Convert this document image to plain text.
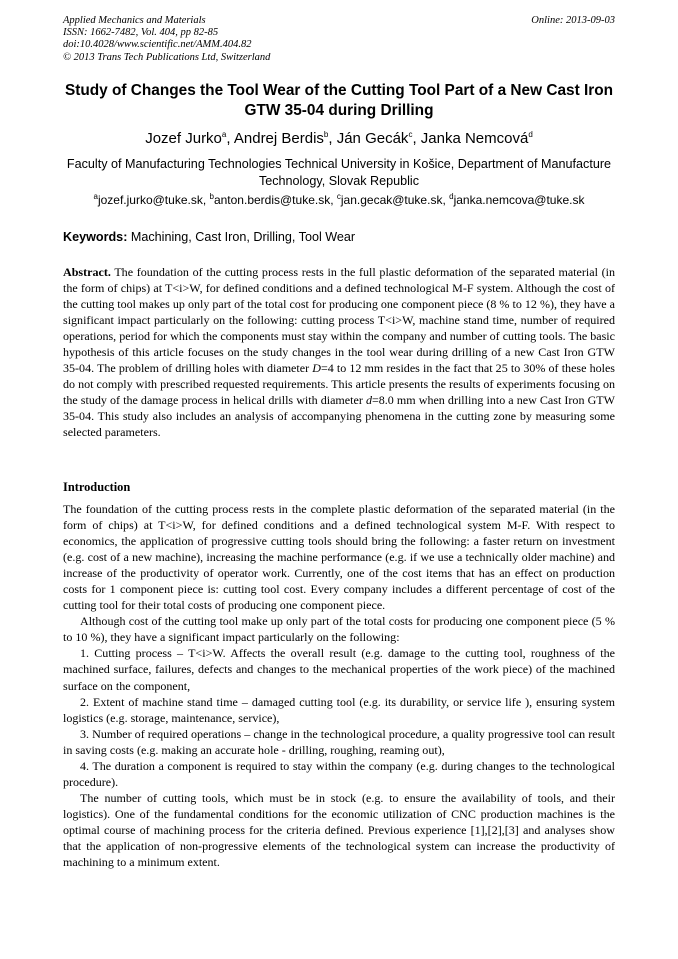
Applied Mechanics and Materials
ISSN: 1662-7482, Vol. 404, pp 82-85
doi:10.4028/www.scientific.net/AMM.404.82
© 2013 Trans Tech Publications Ltd, Switzerland
Online: 2013-09-03
Study of Changes the Tool Wear of the Cutting Tool Part of a New Cast Iron GTW 35-04 during Drilling
Jozef Jurko$^a$, Andrej Berdis$^b$, Ján Gecák$^c$, Janka Nemcová$^d$
Faculty of Manufacturing Technologies Technical University in Košice, Department of Manufacture Technology, Slovak Republic
$^a$jozef.jurko@tuke.sk, $^b$anton.berdis@tuke.sk, $^c$jan.gecak@tuke.sk, $^d$janka.nemcova@tuke.sk
Keywords: Machining, Cast Iron, Drilling, Tool Wear
Abstract. The foundation of the cutting process rests in the full plastic deformation of the separated material (in the form of chips) at T<i>W, for defined conditions and a defined technological M-F system. Although the cost of the cutting tool makes up only part of the total cost for producing one component piece (8 % to 12 %), they have a significant impact particularly on the following: cutting process T<i>W, machine stand time, number of required operations, period for which the components must stay within the company and number of cutting tools. The basic hypothesis of this article focuses on the study changes in the tool wear during drilling of a new Cast Iron GTW 35-04. The problem of drilling holes with diameter D=4 to 12 mm resides in the fact that 25 to 30% of these holes do not comply with prescribed requested requirements. This article presents the results of experiments focusing on the study of the damage process in helical drills with diameter d=8.0 mm when drilling into a new Cast Iron GTW 35-04. This study also includes an analysis of accompanying phenomena in the cutting zone by measuring some selected parameters.
Introduction

The foundation of the cutting process rests in the complete plastic deformation of the separated material (in the form of chips) at T<i>W, for defined conditions and a defined technological system M-F. With respect to economics, the application of progressive cutting tools should bring the following: a faster return on investment (e.g. cost of a new machine), increasing the machine performance (e.g. if we use a technically older machine) and increase of the productivity of operator work. Currently, one of the cost items that has an effect on production costs for 1 component piece is: cutting tool cost. Every company includes a different percentage of cost of the cutting tool for their total costs of producing one component piece.

Although cost of the cutting tool make up only part of the total costs for producing one component piece (5 % to 10 %), they have a significant impact particularly on the following:

1. Cutting process – T<i>W. Affects the overall result (e.g. damage to the cutting tool, roughness of the machined surface, failures, defects and changes to the mechanical properties of the work piece) of the machined surface on the component,

2. Extent of machine stand time – damaged cutting tool (e.g. its durability, or service life ), ensuring system logistics (e.g. storage, maintenance, service),

3. Number of required operations – change in the technological procedure, a quality progressive tool can result in saving costs (e.g. making an accurate hole - drilling, roughing, reaming out),

4. The duration a component is required to stay within the company (e.g. during changes to the technological procedure).

The number of cutting tools, which must be in stock (e.g. to ensure the availability of tools, and their logistics). One of the fundamental conditions for the economic utilization of CNC production machines is the optimal course of machining process for the criteria defined. Previous experience [1],[2],[3] and analyses show that the application of non-progressive elements of the technological system can increase the productivity of machining to a minimum extent.
